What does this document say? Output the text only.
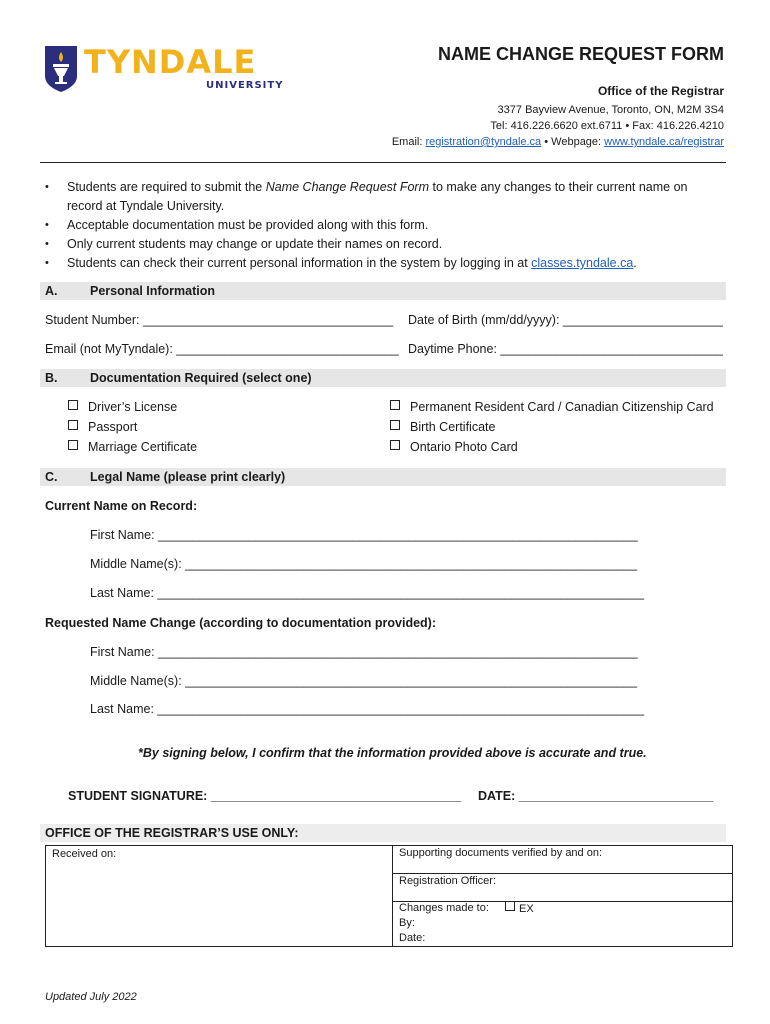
TYNDALE
UNIVERSITY
NAME CHANGE REQUEST FORM
Office of the Registrar
3377 Bayview Avenue, Toronto, ON, M2M 3S4
Tel: 416.226.6620 ext.6711 • Fax: 416.226.4210
Email: registration@tyndale.ca • Webpage: www.tyndale.ca/registrar
• Students are required to submit the Name Change Request Form to make any changes to their current name on record at Tyndale University.
• Acceptable documentation must be provided along with this form.
• Only current students may change or update their names on record.
• Students can check their current personal information in the system by logging in at classes.tyndale.ca.
A.	Personal Information
Student Number: ____________________________________ Date of Birth (mm/dd/yyyy): _______________________
Email (not MyTyndale): ________________________________ Daytime Phone: ________________________________
B.	Documentation Required (select one)
Driver’s License
Passport
Marriage Certificate
Permanent Resident Card / Canadian Citizenship Card
Birth Certificate
Ontario Photo Card
C.	Legal Name (please print clearly)
Current Name on Record:
First Name: _____________________________________________________________________
Middle Name(s): _________________________________________________________________
Last Name: ______________________________________________________________________
Requested Name Change (according to documentation provided):
First Name: _____________________________________________________________________
Middle Name(s): _________________________________________________________________
Last Name: ______________________________________________________________________
*By signing below, I confirm that the information provided above is accurate and true.
STUDENT SIGNATURE: ____________________________________ DATE: ____________________________
OFFICE OF THE REGISTRAR’S USE ONLY:
Received on:	Supporting documents verified by and on:
Registration Officer:
Changes made to:	EX
By:
Date:
Updated July 2022
